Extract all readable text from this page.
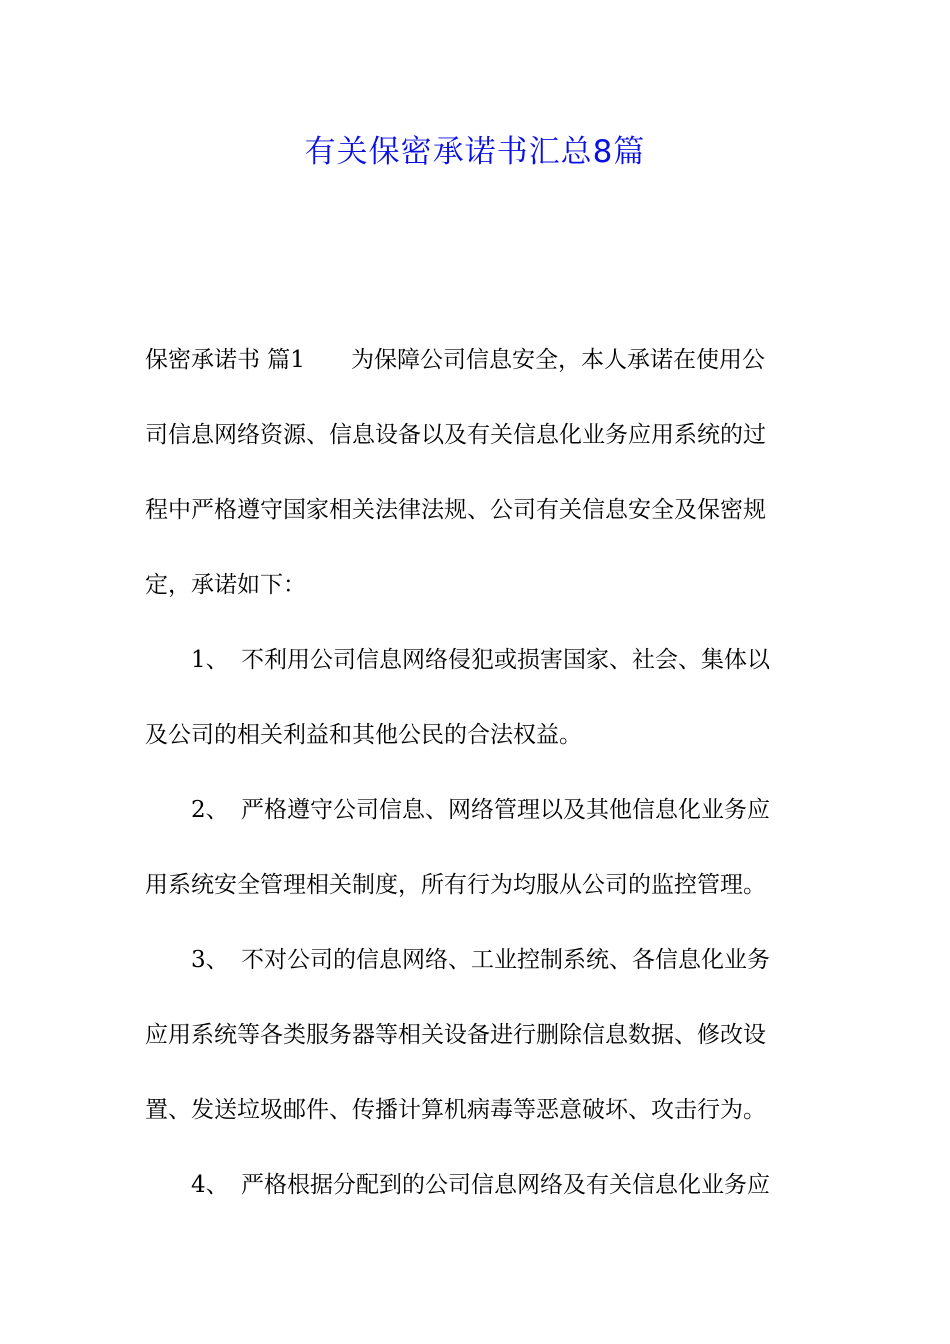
有关保密承诺书汇总8篇
保密承诺书 篇1 为保障公司信息安全，本人承诺在使用公
司信息网络资源、信息设备以及有关信息化业务应用系统的过
程中严格遵守国家相关法律法规、公司有关信息安全及保密规
定，承诺如下：
1、 不利用公司信息网络侵犯或损害国家、社会、集体以
及公司的相关利益和其他公民的合法权益。
2、 严格遵守公司信息、网络管理以及其他信息化业务应
用系统安全管理相关制度，所有行为均服从公司的监控管理。
3、 不对公司的信息网络、工业控制系统、各信息化业务
应用系统等各类服务器等相关设备进行删除信息数据、修改设
置、发送垃圾邮件、传播计算机病毒等恶意破坏、攻击行为。
4、 严格根据分配到的公司信息网络及有关信息化业务应
